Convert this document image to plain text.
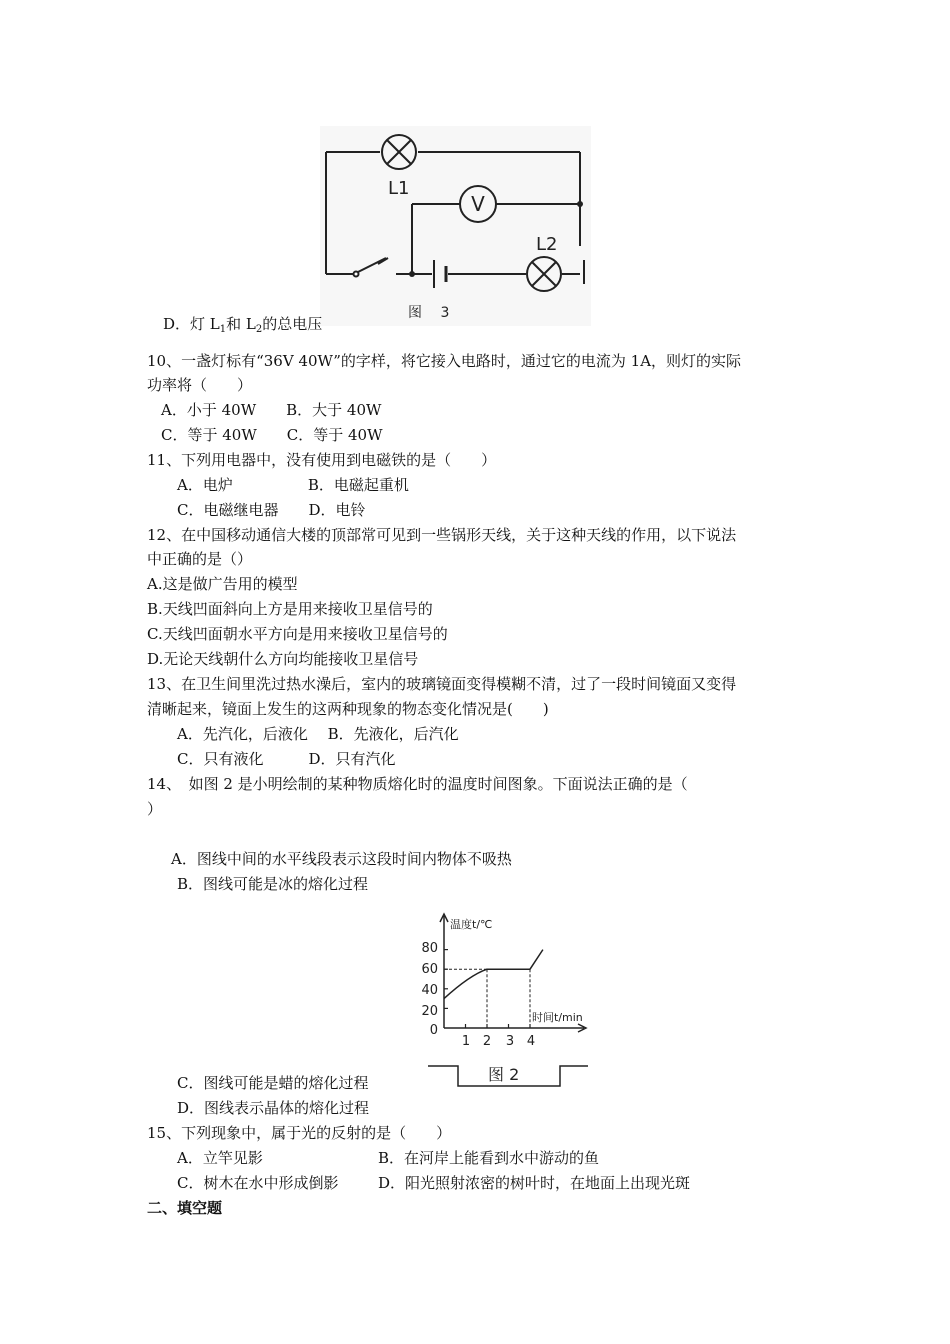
V
L1
L2
图　 3
D．灯 $L_1$和 $L_2$的总电压
10、一盏灯标有“36V 40W”的字样，将它接入电路时，通过它的电流为 1A，则灯的实际
功率将（　　）
A．小于 40W　　B．大于 40W
C．等于 40W　　C．等于 40W
11、下列用电器中，没有使用到电磁铁的是（　　）
A．电炉　　　　　B．电磁起重机
C．电磁继电器　　D．电铃
12、在中国移动通信大楼的顶部常可见到一些锅形天线，关于这种天线的作用，以下说法
中正确的是（）
A.这是做广告用的模型
B.天线凹面斜向上方是用来接收卫星信号的
C.天线凹面朝水平方向是用来接收卫星信号的
D.无论天线朝什么方向均能接收卫星信号
13、在卫生间里洗过热水澡后，室内的玻璃镜面变得模糊不清，过了一段时间镜面又变得
清晰起来，镜面上发生的这两种现象的物态变化情况是(　　)
A．先汽化，后液化　 B．先液化，后汽化
C．只有液化　　　D．只有汽化
14、　如图 2 是小明绘制的某种物质熔化时的温度时间图象。下面说法正确的是（
）
A．图线中间的水平线段表示这段时间内物体不吸热
B．图线可能是冰的熔化过程
温度t/℃
时间t/min
80
60
40
20
0
1 2 3 4
图 2
C．图线可能是蜡的熔化过程
D．图线表示晶体的熔化过程
15、下列现象中，属于光的反射的是（　　）
A．立竿见影	B．在河岸上能看到水中游动的鱼
C．树木在水中形成倒影	D．阳光照射浓密的树叶时，在地面上出现光斑
二、填空题
